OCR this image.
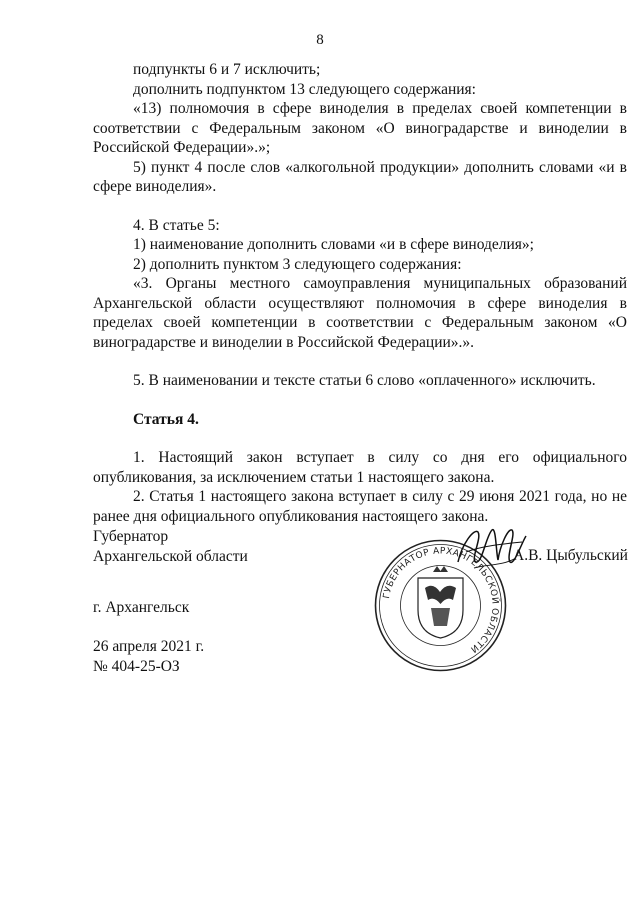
8

подпункты 6 и 7 исключить;

дополнить подпунктом 13 следующего содержания:

«13) полномочия в сфере виноделия в пределах своей компетенции в соответствии с Федеральным законом «О виноградарстве и виноделии в Российской Федерации».»;

5) пункт 4 после слов «алкогольной продукции» дополнить словами «и в сфере виноделия».

4. В статье 5:

1) наименование дополнить словами «и в сфере виноделия»;

2) дополнить пунктом 3 следующего содержания:

«3. Органы местного самоуправления муниципальных образований Архангельской области осуществляют полномочия в сфере виноделия в пределах своей компетенции в соответствии с Федеральным законом «О виноградарстве и виноделии в Российской Федерации».».

5. В наименовании и тексте статьи 6 слово «оплаченного» исключить.

Статья 4.

1. Настоящий закон вступает в силу со дня его официального опубликования, за исключением статьи 1 настоящего закона.

2. Статья 1 настоящего закона вступает в силу с 29 июня 2021 года, но не ранее дня официального опубликования настоящего закона.

Губернатор
Архангельской области
ГУБЕРНАТОР АРХАНГЕЛЬСКОЙ ОБЛАСТИ
А.В. Цыбульский
г. Архангельск
26 апреля 2021 г.
№ 404-25-ОЗ
